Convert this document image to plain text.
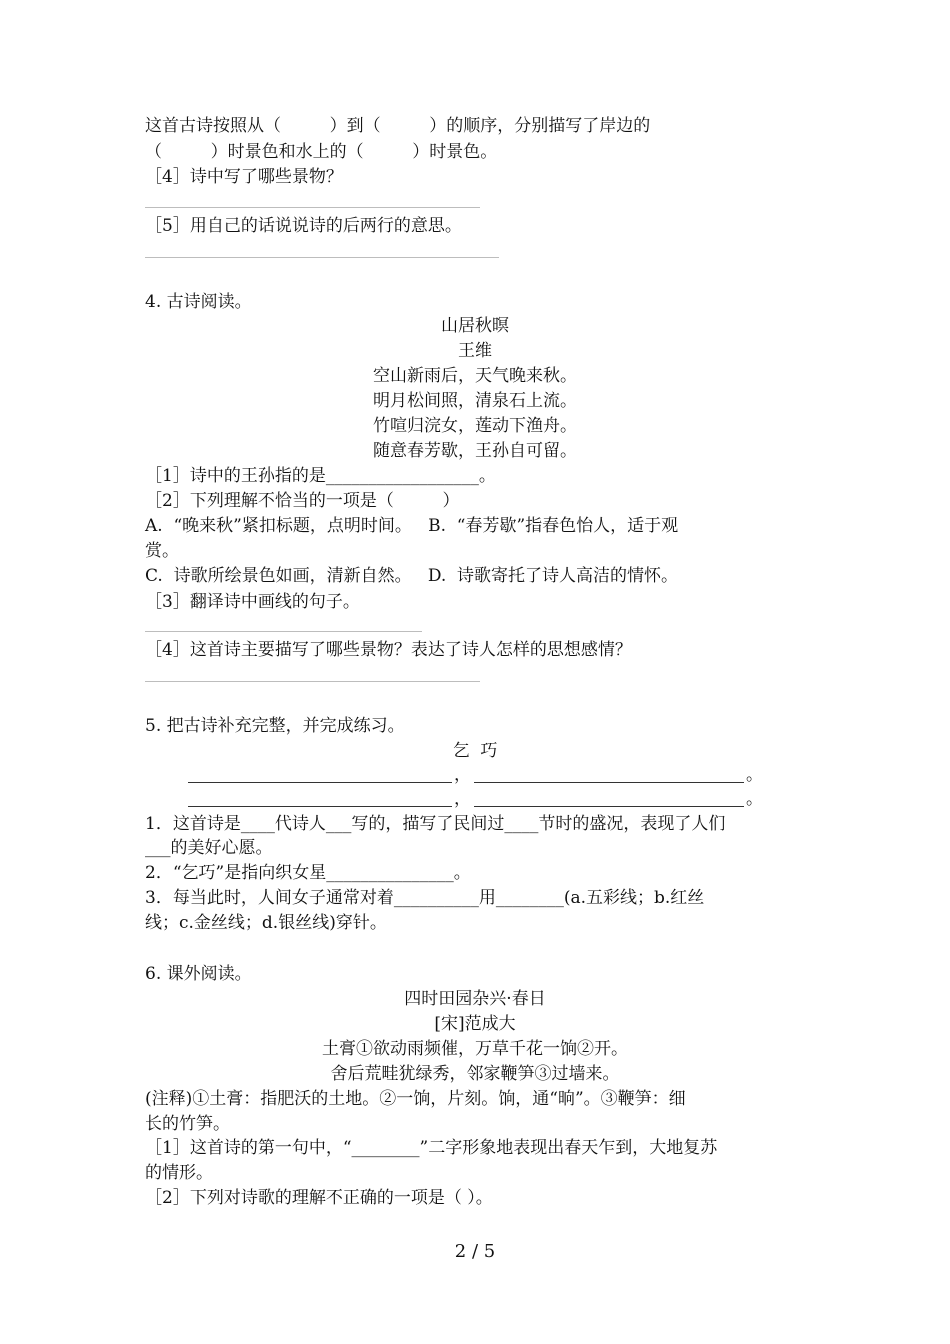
这首古诗按照从（         ）到（         ）的顺序，分别描写了岸边的
（         ）时景色和水上的（         ）时景色。
［4］诗中写了哪些景物？
［5］用自己的话说说诗的后两行的意思。
4. 古诗阅读。
山居秋暝
王维
空山新雨后，天气晚来秋。
明月松间照，清泉石上流。
竹喧归浣女，莲动下渔舟。
随意春芳歇，王孙自可留。
［1］诗中的王孙指的是__________________。
［2］下列理解不恰当的一项是（         ）
A.  “晚来秋”紧扣标题，点明时间。   B.  “春芳歇”指春色怡人，适于观
赏。
C.  诗歌所绘景色如画，清新自然。   D.  诗歌寄托了诗人高洁的情怀。
［3］翻译诗中画线的句子。
［4］这首诗主要描写了哪些景物？表达了诗人怎样的思想感情？
5. 把古诗补充完整，并完成练习。
乞  巧
，	。
，	。
1．这首诗是____代诗人___写的，描写了民间过____节时的盛况，表现了人们
___的美好心愿。
2．“乞巧”是指向织女星_______________。
3．每当此时，人间女子通常对着__________用________(a.五彩线；b.红丝
线；c.金丝线；d.银丝线)穿针。
6. 课外阅读。
四时田园杂兴·春日
[宋]范成大
土膏①欲动雨频催，万草千花一饷②开。
舍后荒畦犹绿秀，邻家鞭笋③过墙来。
(注释)①土膏：指肥沃的土地。②一饷，片刻。饷，通“晌”。③鞭笋：细
长的竹笋。
［1］这首诗的第一句中，“________”二字形象地表现出春天乍到，大地复苏
的情形。
［2］下列对诗歌的理解不正确的一项是（ ）。
2 / 5
